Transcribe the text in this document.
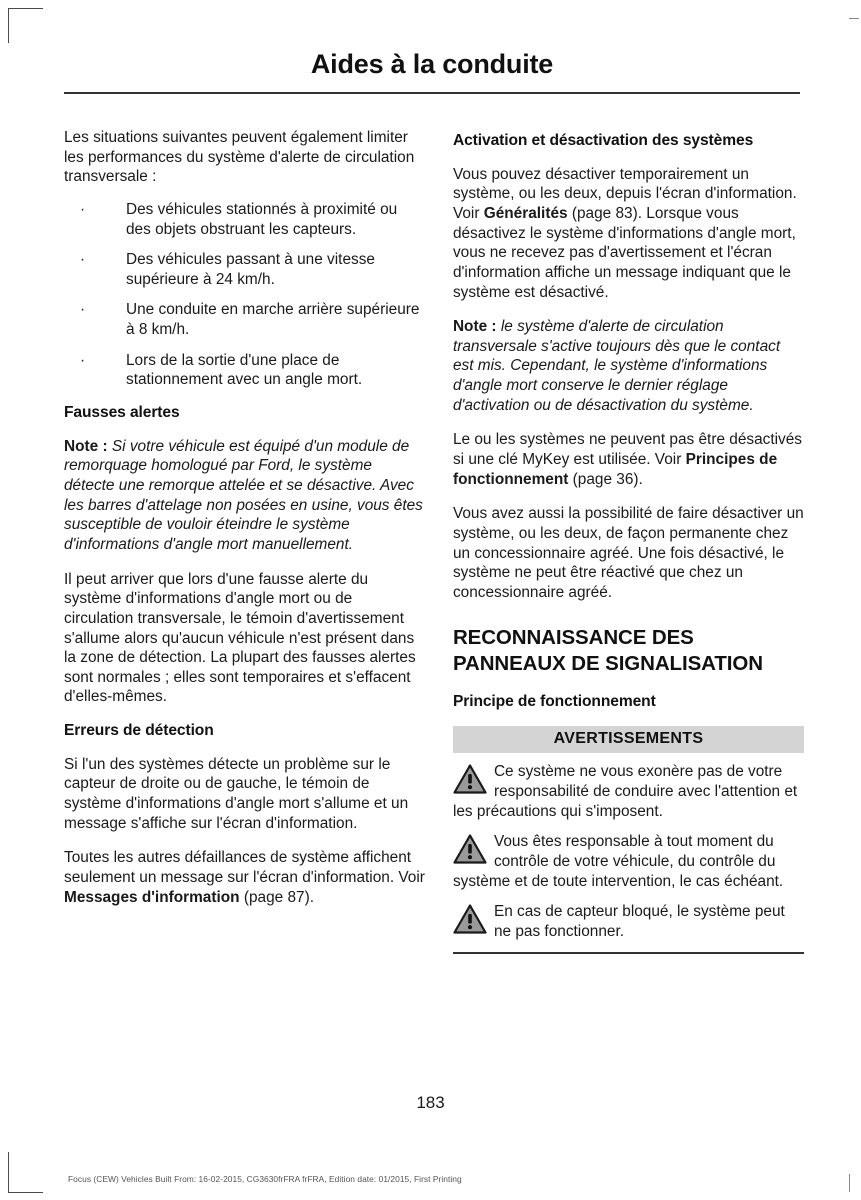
Aides à la conduite

Les situations suivantes peuvent également limiter les performances du système d'alerte de circulation transversale :

·	Des véhicules stationnés à proximité ou des objets obstruant les capteurs.
·	Des véhicules passant à une vitesse supérieure à 24 km/h.
·	Une conduite en marche arrière supérieure à 8 km/h.
·	Lors de la sortie d'une place de stationnement avec un angle mort.
Fausses alertes

Note : Si votre véhicule est équipé d'un module de remorquage homologué par Ford, le système détecte une remorque attelée et se désactive. Avec les barres d'attelage non posées en usine, vous êtes susceptible de vouloir éteindre le système d'informations d'angle mort manuellement.

Il peut arriver que lors d'une fausse alerte du système d'informations d'angle mort ou de circulation transversale, le témoin d'avertissement s'allume alors qu'aucun véhicule n'est présent dans la zone de détection. La plupart des fausses alertes sont normales ; elles sont temporaires et s'effacent d'elles-mêmes.

Erreurs de détection

Si l'un des systèmes détecte un problème sur le capteur de droite ou de gauche, le témoin de système d'informations d'angle mort s'allume et un message s'affiche sur l'écran d'information.

Toutes les autres défaillances de système affichent seulement un message sur l'écran d'information. Voir Messages d'information (page 87).

Activation et désactivation des systèmes

Vous pouvez désactiver temporairement un système, ou les deux, depuis l'écran d'information. Voir Généralités (page 83). Lorsque vous désactivez le système d'informations d'angle mort, vous ne recevez pas d'avertissement et l'écran d'information affiche un message indiquant que le système est désactivé.

Note : le système d'alerte de circulation transversale s'active toujours dès que le contact est mis. Cependant, le système d'informations d'angle mort conserve le dernier réglage d'activation ou de désactivation du système.

Le ou les systèmes ne peuvent pas être désactivés si une clé MyKey est utilisée. Voir Principes de fonctionnement (page 36).

Vous avez aussi la possibilité de faire désactiver un système, ou les deux, de façon permanente chez un concessionnaire agréé. Une fois désactivé, le système ne peut être réactivé que chez un concessionnaire agréé.

RECONNAISSANCE DES PANNEAUX DE SIGNALISATION
Principe de fonctionnement
AVERTISSEMENTS

Ce système ne vous exonère pas de votre responsabilité de conduire avec l'attention et les précautions qui s'imposent.

Vous êtes responsable à tout moment du contrôle de votre véhicule, du contrôle du système et de toute intervention, le cas échéant.

En cas de capteur bloqué, le système peut ne pas fonctionner.

183
Focus (CEW) Vehicles Built From: 16-02-2015, CG3630frFRA frFRA, Edition date: 01/2015, First Printing
